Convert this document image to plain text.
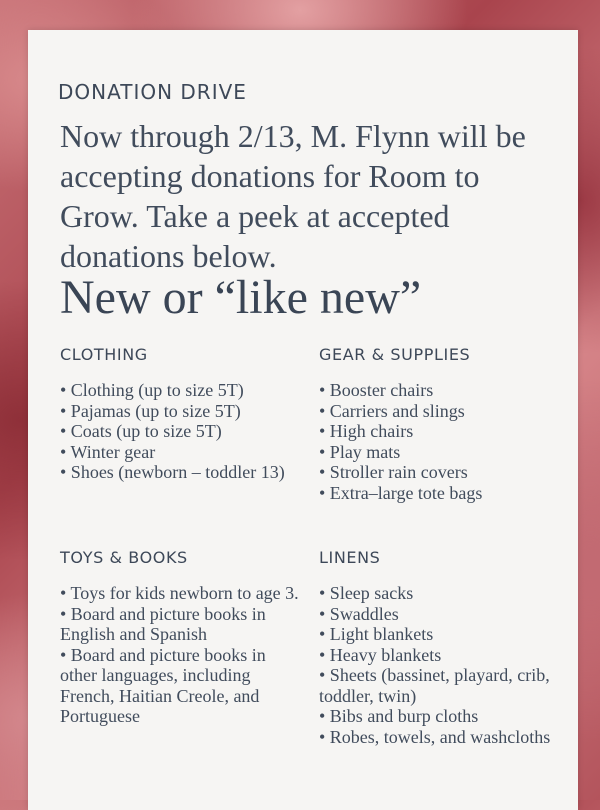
DONATION DRIVE
Now through 2/13, M. Flynn will be accepting donations for Room to Grow. Take a peek at accepted donations below.
New or “like new”
CLOTHING
• Clothing (up to size 5T)
• Pajamas (up to size 5T)
• Coats (up to size 5T)
• Winter gear
• Shoes (newborn – toddler 13)
GEAR & SUPPLIES
• Booster chairs
• Carriers and slings
• High chairs
• Play mats
• Stroller rain covers
• Extra–large tote bags
TOYS & BOOKS
• Toys for kids newborn to age 3.
• Board and picture books in English and Spanish
• Board and picture books in other languages, including French, Haitian Creole, and Portuguese
LINENS
• Sleep sacks
• Swaddles
• Light blankets
• Heavy blankets
• Sheets (bassinet, playard, crib, toddler, twin)
• Bibs and burp cloths
• Robes, towels, and washcloths
